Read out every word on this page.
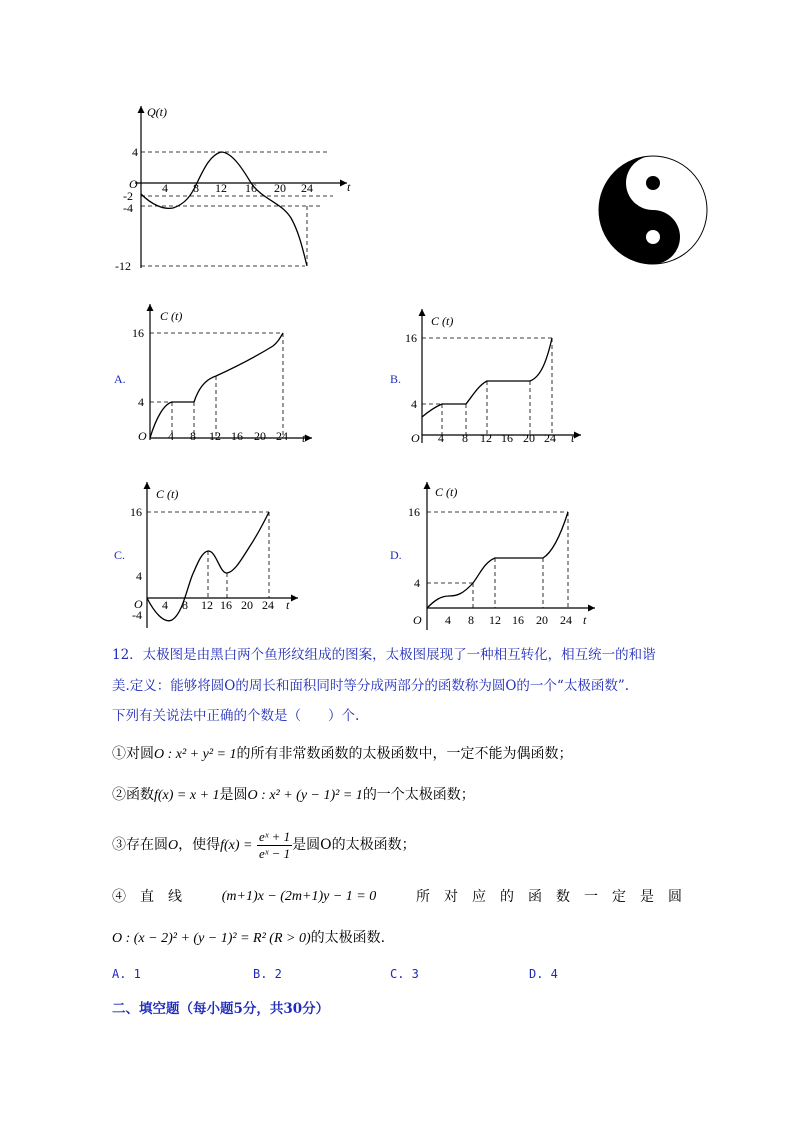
Q(t)
O	t
4
-2
-4
-12
4 8 12 16 20 24
A.
C (t)
16
4
O 4 8 12 16 20 24 t
B.
C (t)
16
4
O 4 8 12 16 20 24 t
C.
C (t)
16
4
O
-4
4 8 12 16 20 24 t
D.
C (t)
16
4
O 4 8 12 16 20 24 t
12．太极图是由黑白两个鱼形纹组成的图案，太极图展现了一种相互转化，相互统一的和谐
美.定义：能够将圆O的周长和面积同时等分成两部分的函数称为圆O的一个“太极函数”.
下列有关说法中正确的个数是（　　）个.
①对圆O : x² + y² = 1的所有非常数函数的太极函数中，一定不能为偶函数；
②函数f(x) = x + 1是圆O : x² + (y − 1)² = 1的一个太极函数；
③存在圆O，使得$f(x) = \frac{\text{eˣ + 1}}{\text{eˣ − 1}}$ 是圆O的太极函数；
④　直　线	(m+1)x − (2m+1)y − 1 = 0	所　对　应　的　函　数　一　定　是　圆
O : (x − 2)² + (y − 1)² = R² (R > 0)的太极函数.
A. 1	B. 2	C. 3	D. 4
二、填空题（每小题5分，共30分）
